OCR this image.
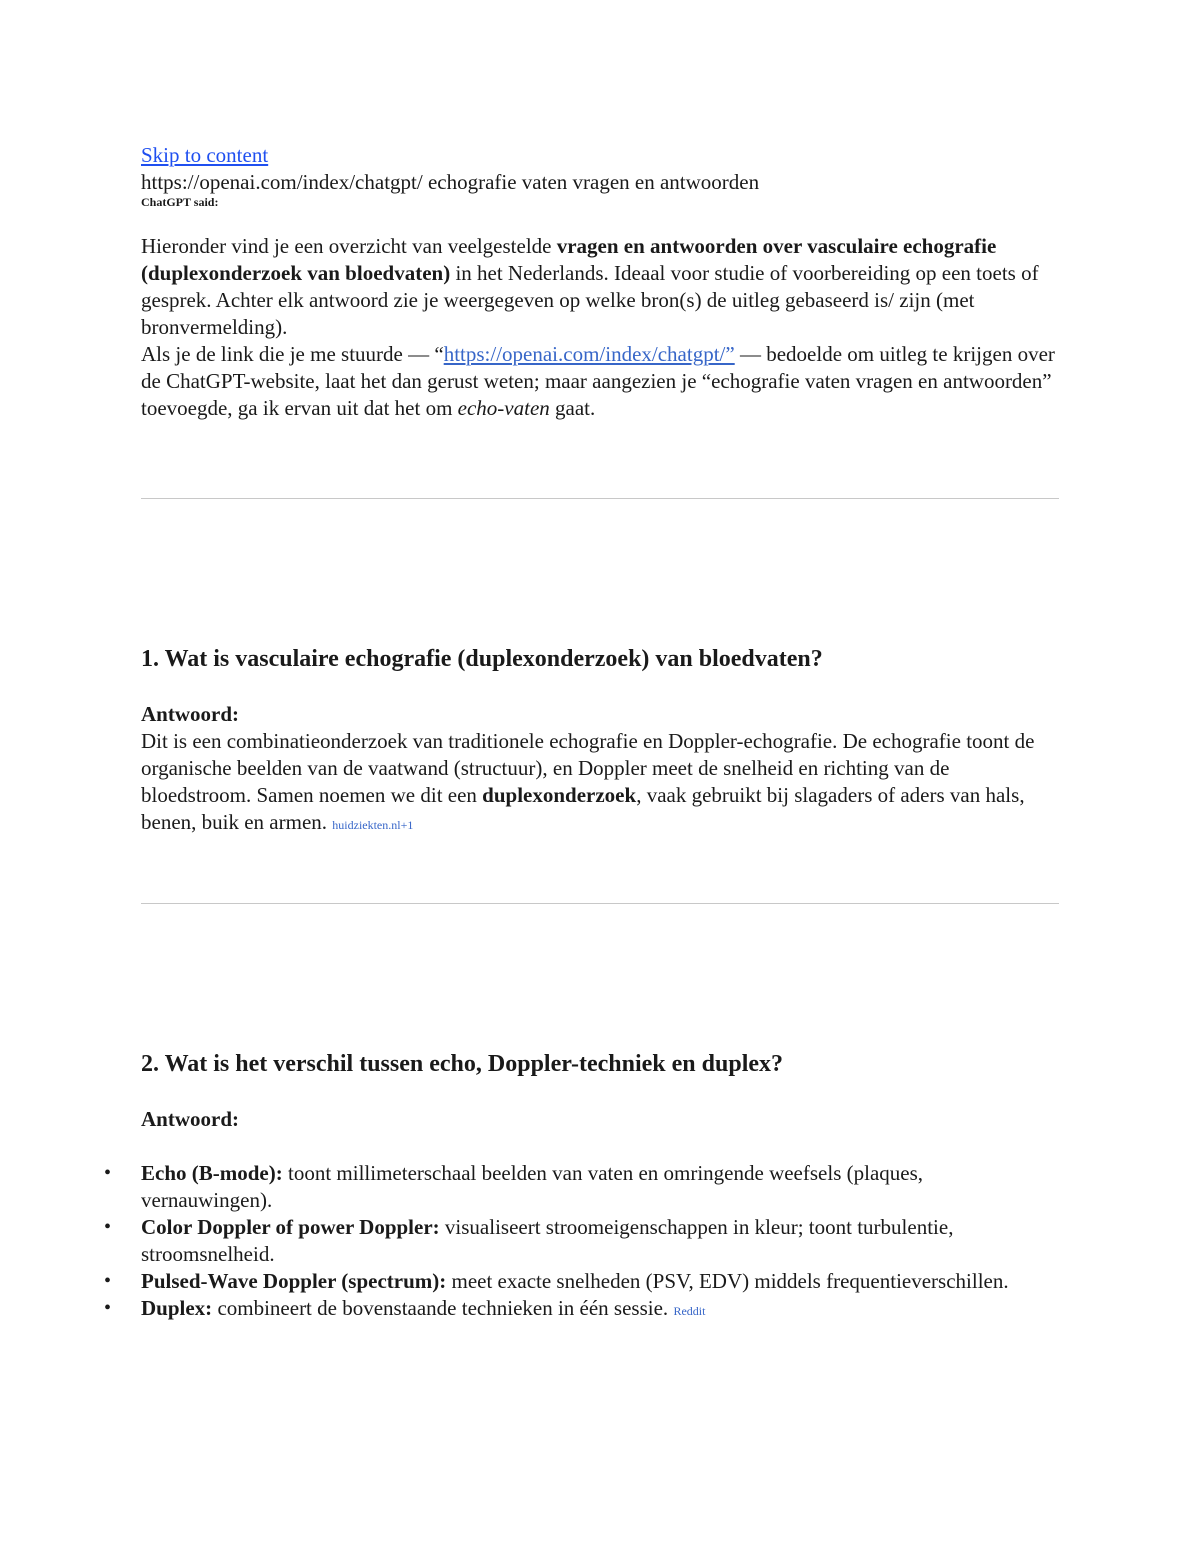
Skip to content
https://openai.com/index/chatgpt/ echografie vaten vragen en antwoorden
ChatGPT said:

Hieronder vind je een overzicht van veelgestelde vragen en antwoorden over vasculaire echografie (duplexonderzoek van bloedvaten) in het Nederlands. Ideaal voor studie of voorbereiding op een toets of gesprek. Achter elk antwoord zie je weergegeven op welke bron(s) de uitleg gebaseerd is/ zijn (met bronvermelding).

Als je de link die je me stuurde — “https://openai.com/index/chatgpt/” — bedoelde om uitleg te krijgen over de ChatGPT-website, laat het dan gerust weten; maar aangezien je “echografie vaten vragen en antwoorden” toevoegde, ga ik ervan uit dat het om echo-vaten gaat.

1. Wat is vasculaire echografie (duplexonderzoek) van bloedvaten?
Antwoord:

Dit is een combinatieonderzoek van traditionele echografie en Doppler-echografie. De echografie toont de organische beelden van de vaatwand (structuur), en Doppler meet de snelheid en richting van de bloedstroom. Samen noemen we dit een duplexonderzoek, vaak gebruikt bij slagaders of aders van hals, benen, buik en armen. huidziekten.nl+1

2. Wat is het verschil tussen echo, Doppler-techniek en duplex?
Antwoord:
• Echo (B-mode): toont millimeterschaal beelden van vaten en omringende weefsels (plaques, vernauwingen).
• Color Doppler of power Doppler: visualiseert stroomeigenschappen in kleur; toont turbulentie, stroomsnelheid.
• Pulsed-Wave Doppler (spectrum): meet exacte snelheden (PSV, EDV) middels frequentieverschillen.
• Duplex: combineert de bovenstaande technieken in één sessie. Reddit
